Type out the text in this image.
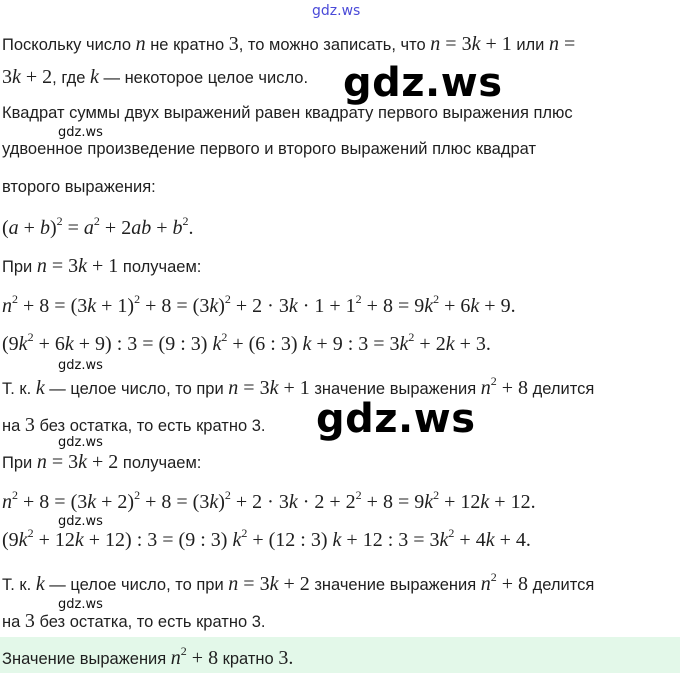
gdz.ws
Поскольку число n не кратно 3, то можно записать, что n = 3k + 1 или n =
3k + 2, где k — некоторое целое число. gdz.ws
Квадрат суммы двух выражений равен квадрату первого выражения плюс
gdz.ws
удвоенное произведение первого и второго выражений плюс квадрат
второго выражения:
$(a + b)^2 = a^2 + 2ab + b^2$.
При n = 3k + 1 получаем:
$n^2 + 8 = (3k + 1)^2 + 8 = (3k)^2 + 2 \cdot 3k \cdot 1 + 1^2 + 8 = 9k^2 + 6k + 9$.
$(9k^2 + 6k + 9)$ : 3 = (9 : 3) $k^2 + (6$ : 3) k + 9 : $3 = 3k^2 + 2k + 3$.
gdz.ws
Т. к. k — целое число, то при n = 3k + 1 значение выражения $n^2 + 8$ делится
на 3 без остатка, то есть кратно 3. gdz.ws
gdz.ws
При n = 3k + 2 получаем:
$n^2 + 8 = (3k + 2)^2 + 8 = (3k)^2 + 2 \cdot 3k \cdot 2 + 2^2 + 8 = 9k^2 + 12k + 12$.
gdz.ws
$(9k^2 + 12k + 12)$ : 3 = (9 : 3) $k^2 + (12$ : 3) k + 12 : $3 = 3k^2 + 4k + 4$.
Т. к. k — целое число, то при n = 3k + 2 значение выражения $n^2 + 8$ делится
gdz.ws
на 3 без остатка, то есть кратно 3.
Значение выражения $n^2 + 8$ кратно 3.
